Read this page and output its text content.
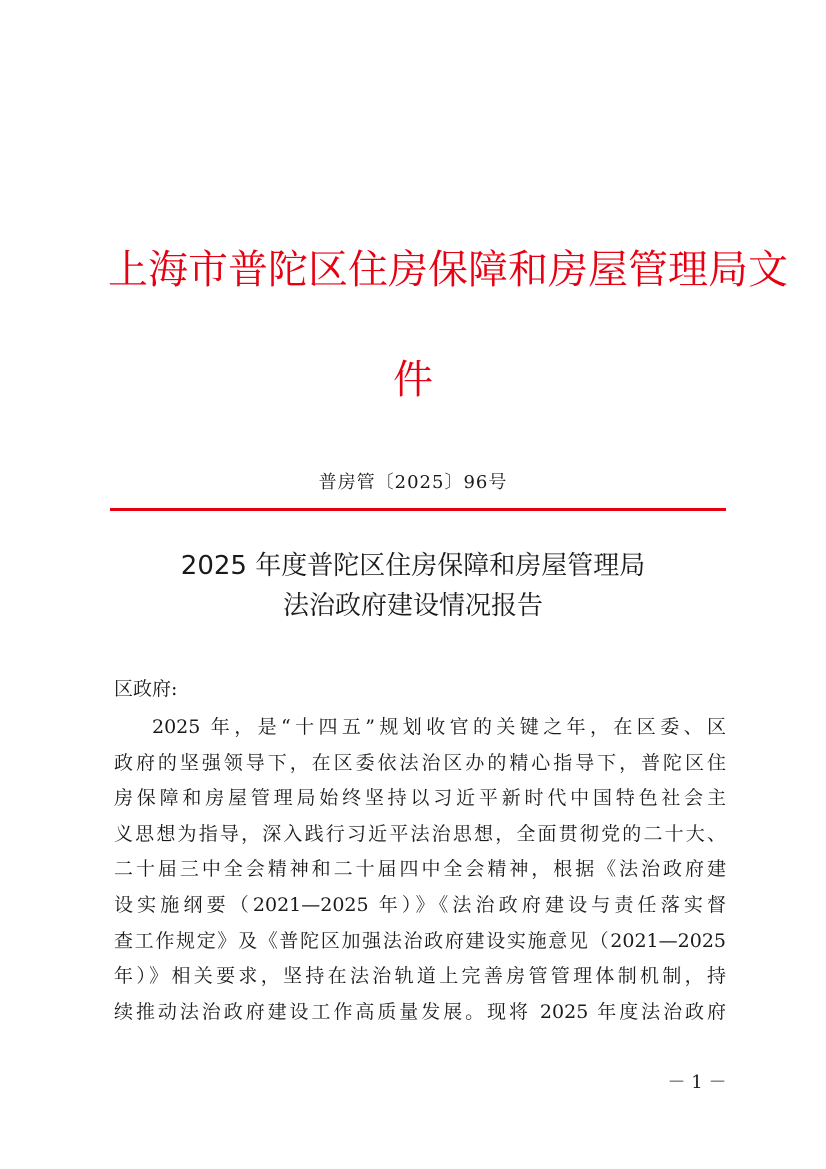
上海市普陀区住房保障和房屋管理局文
件
普房管〔2025〕96号
2025 年度普陀区住房保障和房屋管理局
法治政府建设情况报告
区政府:
2025 年，是“十四五”规划收官的关键之年，在区委、区
政府的坚强领导下，在区委依法治区办的精心指导下，普陀区住
房保障和房屋管理局始终坚持以习近平新时代中国特色社会主
义思想为指导，深入践行习近平法治思想，全面贯彻党的二十大、
二十届三中全会精神和二十届四中全会精神，根据《法治政府建
设实施纲要（2021—2025 年）》《法治政府建设与责任落实督
查工作规定》及《普陀区加强法治政府建设实施意见（2021—2025
年）》相关要求，坚持在法治轨道上完善房管管理体制机制，持
续推动法治政府建设工作高质量发展。现将 2025 年度法治政府
－ 1 －
